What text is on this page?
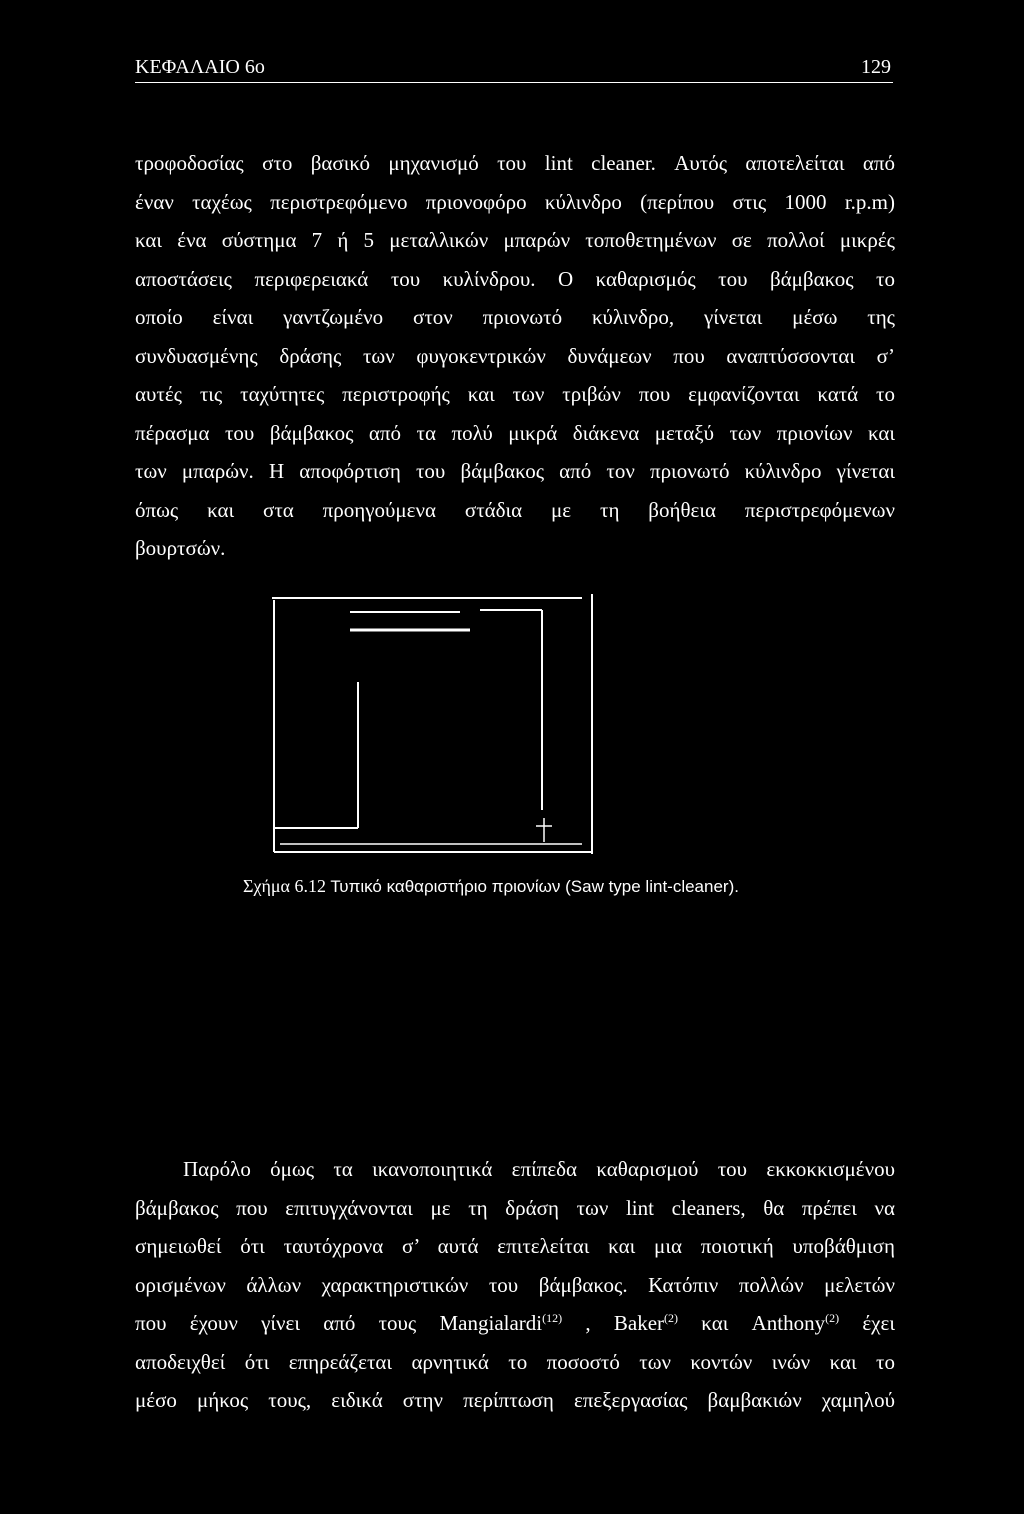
ΚΕΦΑΛΑΙΟ 6ο	129
τροφοδοσίας στο βασικό μηχανισμό του lint cleaner. Αυτός αποτελείται από
έναν ταχέως περιστρεφόμενο πριονοφόρο κύλινδρο (περίπου στις 1000 r.p.m)
και ένα σύστημα 7 ή 5 μεταλλικών μπαρών τοποθετημένων σε πολλοί μικρές
αποστάσεις περιφερειακά του κυλίνδρου. Ο καθαρισμός του βάμβακος το
οποίο είναι γαντζωμένο στον πριονωτό κύλινδρο, γίνεται μέσω της
συνδυασμένης δράσης των φυγοκεντρικών δυνάμεων που αναπτύσσονται σ’
αυτές τις ταχύτητες περιστροφής και των τριβών που εμφανίζονται κατά το
πέρασμα του βάμβακος από τα πολύ μικρά διάκενα μεταξύ των πριονίων και
των μπαρών. Η αποφόρτιση του βάμβακος από τον πριονωτό κύλινδρο γίνεται
όπως και στα προηγούμενα στάδια με τη βοήθεια περιστρεφόμενων
βουρτσών.
Σχήμα 6.12 Τυπικό καθαριστήριο πριονίων (Saw type lint-cleaner).
Παρόλο όμως τα ικανοποιητικά επίπεδα καθαρισμού του εκκοκκισμένου
βάμβακος που επιτυγχάνονται με τη δράση των lint cleaners, θα πρέπει να
σημειωθεί ότι ταυτόχρονα σ’ αυτά επιτελείται και μια ποιοτική υποβάθμιση
ορισμένων άλλων χαρακτηριστικών του βάμβακος. Κατόπιν πολλών μελετών
που έχουν γίνει από τους Mangialardi$^{(12)}$ , Baker$^{(2)}$ και Anthony$^{(2)}$ έχει
αποδειχθεί ότι επηρεάζεται αρνητικά το ποσοστό των κοντών ινών και το
μέσο μήκος τους, ειδικά στην περίπτωση επεξεργασίας βαμβακιών χαμηλού
